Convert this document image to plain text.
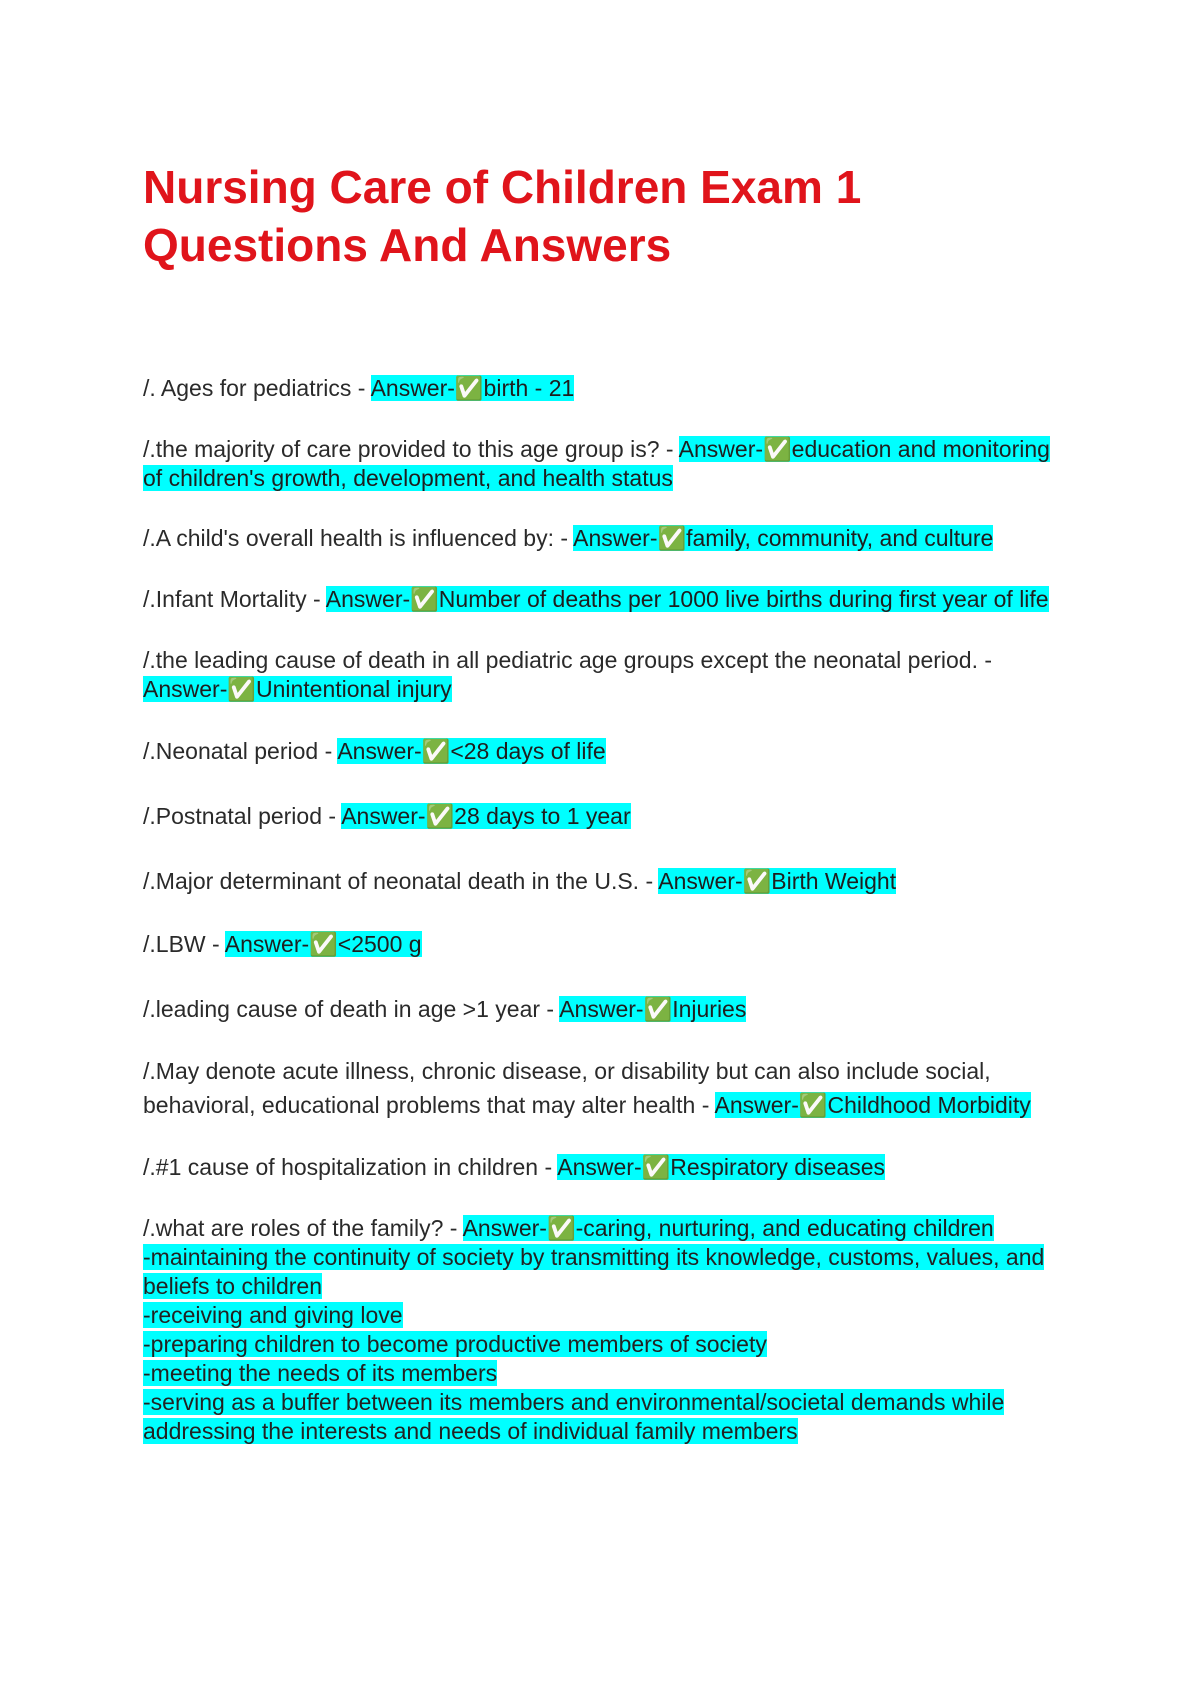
Nursing Care of Children Exam 1
Questions And Answers

/. Ages for pediatrics - Answer-✅birth - 21

/.the majority of care provided to this age group is? - Answer-✅education and monitoring of children's growth, development, and health status

/.A child's overall health is influenced by: - Answer-✅family, community, and culture

/.Infant Mortality - Answer-✅Number of deaths per 1000 live births during first year of life

/.the leading cause of death in all pediatric age groups except the neonatal period. - Answer-✅Unintentional injury

/.Neonatal period - Answer-✅<28 days of life

/.Postnatal period - Answer-✅28 days to 1 year

/.Major determinant of neonatal death in the U.S. - Answer-✅Birth Weight

/.LBW - Answer-✅<2500 g

/.leading cause of death in age >1 year - Answer-✅Injuries

/.May denote acute illness, chronic disease, or disability but can also include social, behavioral, educational problems that may alter health - Answer-✅Childhood Morbidity

/.#1 cause of hospitalization in children - Answer-✅Respiratory diseases

/.what are roles of the family? - Answer-✅-caring, nurturing, and educating children
-maintaining the continuity of society by transmitting its knowledge, customs, values, and beliefs to children
-receiving and giving love
-preparing children to become productive members of society
-meeting the needs of its members
-serving as a buffer between its members and environmental/societal demands while addressing the interests and needs of individual family members
